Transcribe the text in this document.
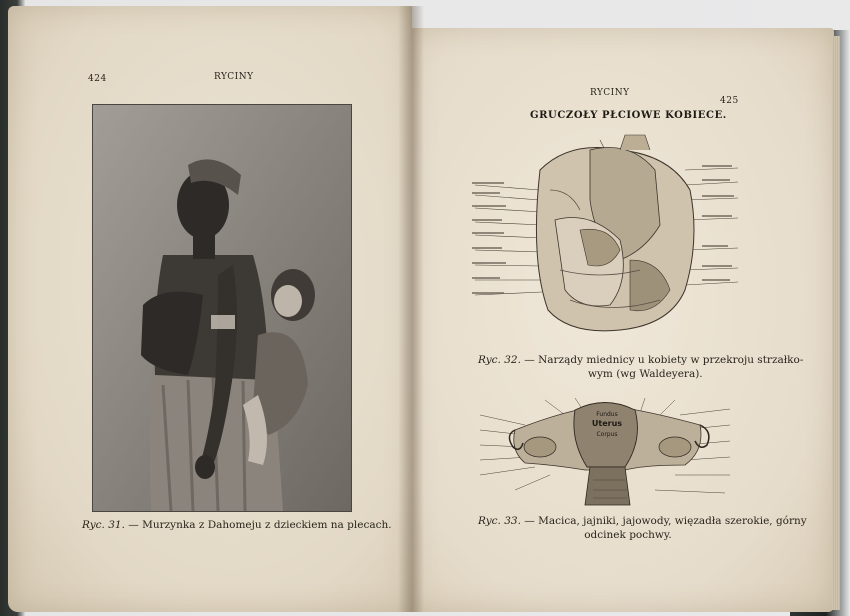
424	RYCINY
Ryc. 31. — Murzynka z Dahomeju z dzieckiem na plecach.
RYCINY
425
GRUCZOŁY PŁCIOWE KOBIECE.
Ryc. 32. — Narządy miednicy u kobiety w przekroju strzałko-
wym (wg Waldeyera).
Fundus
Uterus
Corpus
Ryc. 33. — Macica, jajniki, jajowody, więzadła szerokie, górny
odcinek pochwy.
